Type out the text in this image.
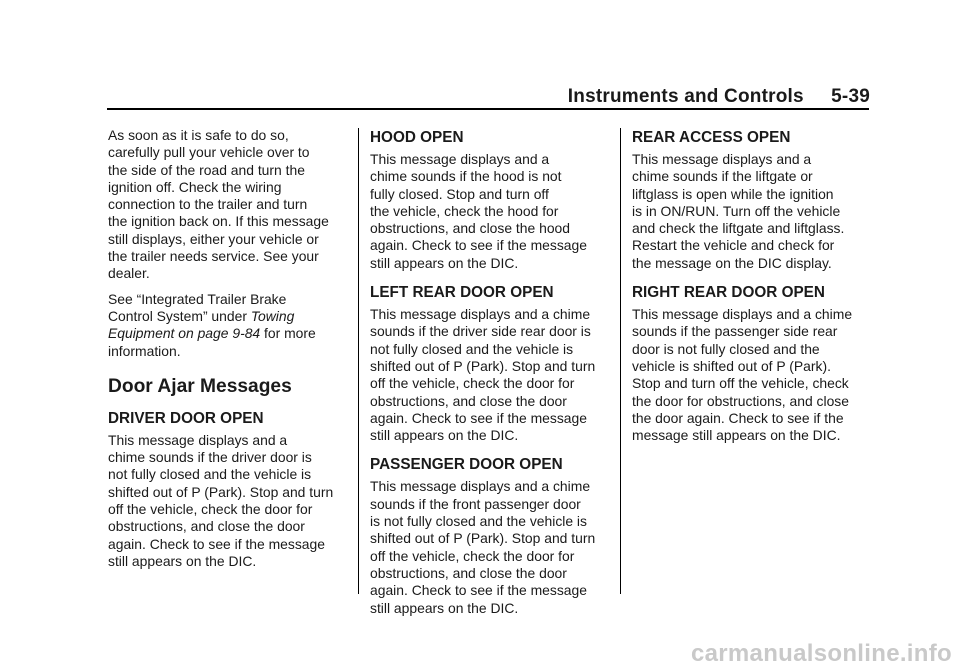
Instruments and Controls     5-39

As soon as it is safe to do so,
carefully pull your vehicle over to
the side of the road and turn the
ignition off. Check the wiring
connection to the trailer and turn
the ignition back on. If this message
still displays, either your vehicle or
the trailer needs service. See your
dealer.

See “Integrated Trailer Brake
Control System” under Towing
Equipment on page 9-84 for more
information.

Door Ajar Messages
DRIVER DOOR OPEN

This message displays and a
chime sounds if the driver door is
not fully closed and the vehicle is
shifted out of P (Park). Stop and turn
off the vehicle, check the door for
obstructions, and close the door
again. Check to see if the message
still appears on the DIC.

HOOD OPEN

This message displays and a
chime sounds if the hood is not
fully closed. Stop and turn off
the vehicle, check the hood for
obstructions, and close the hood
again. Check to see if the message
still appears on the DIC.

LEFT REAR DOOR OPEN

This message displays and a chime
sounds if the driver side rear door is
not fully closed and the vehicle is
shifted out of P (Park). Stop and turn
off the vehicle, check the door for
obstructions, and close the door
again. Check to see if the message
still appears on the DIC.

PASSENGER DOOR OPEN

This message displays and a chime
sounds if the front passenger door
is not fully closed and the vehicle is
shifted out of P (Park). Stop and turn
off the vehicle, check the door for
obstructions, and close the door
again. Check to see if the message
still appears on the DIC.

REAR ACCESS OPEN

This message displays and a
chime sounds if the liftgate or
liftglass is open while the ignition
is in ON/RUN. Turn off the vehicle
and check the liftgate and liftglass.
Restart the vehicle and check for
the message on the DIC display.

RIGHT REAR DOOR OPEN

This message displays and a chime
sounds if the passenger side rear
door is not fully closed and the
vehicle is shifted out of P (Park).
Stop and turn off the vehicle, check
the door for obstructions, and close
the door again. Check to see if the
message still appears on the DIC.

carmanualsonline.info
